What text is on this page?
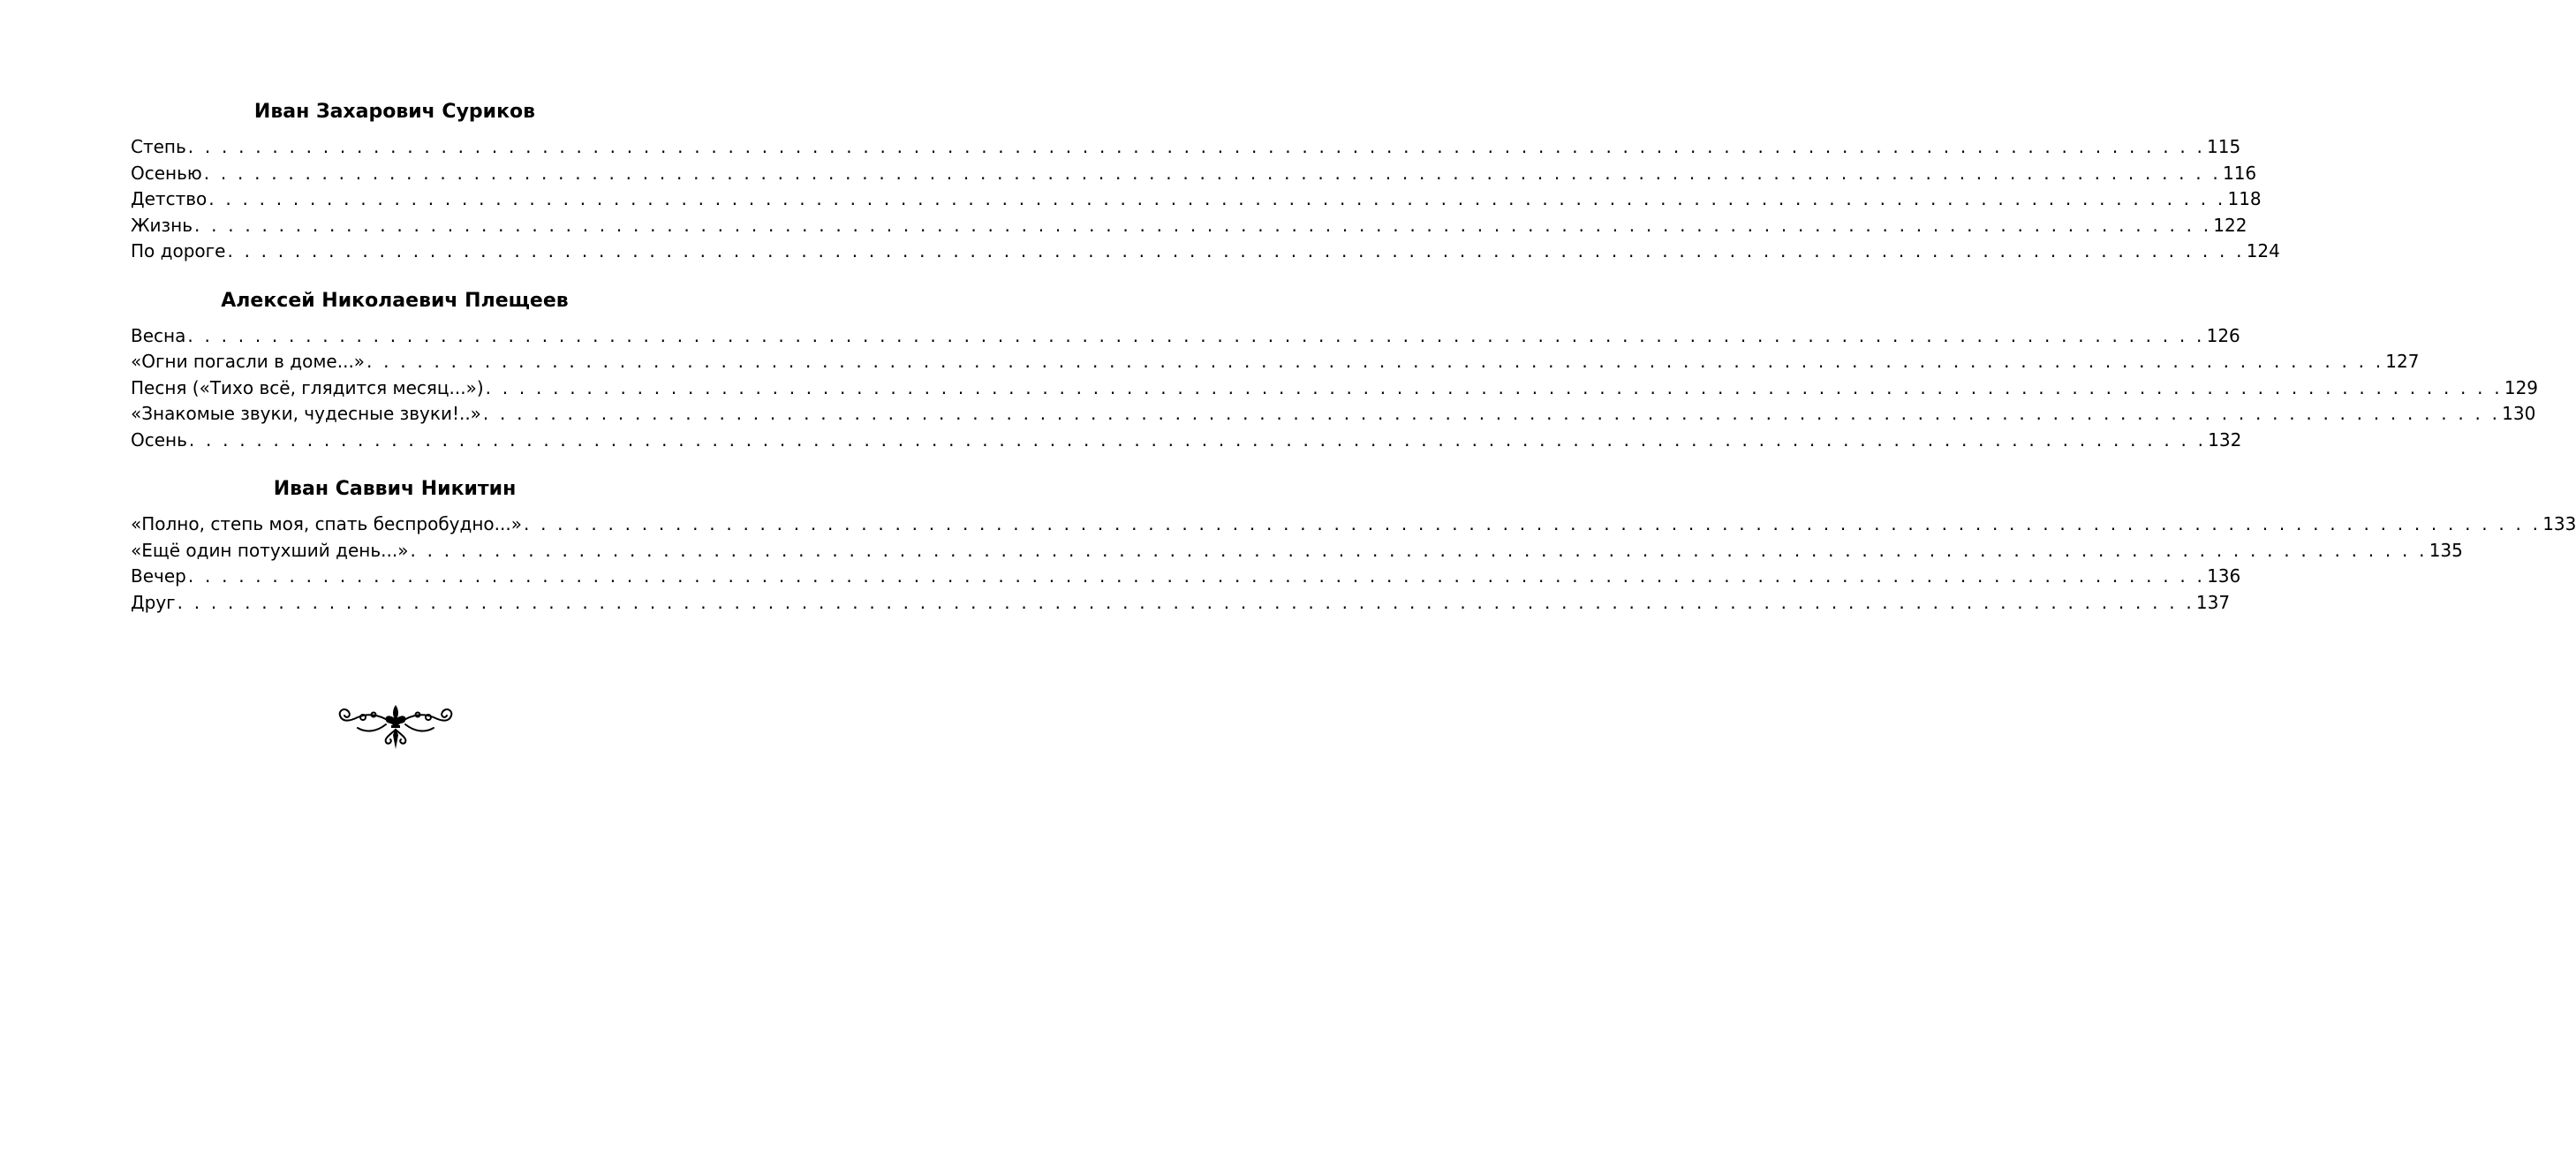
Иван Захарович Суриков
Степь . . . . . . . . . . . . . . . . . . . . . . . . . . . . . . . . . . . . . . . . . . . . . . . . . . . . . . . . . . . . . . . . . . . . . . . . . . . . . . . . . . . . . . . . . . . . . . . . . . . . . . . . . . . . . . . . . . . . . . . . 115
Осенью . . . . . . . . . . . . . . . . . . . . . . . . . . . . . . . . . . . . . . . . . . . . . . . . . . . . . . . . . . . . . . . . . . . . . . . . . . . . . . . . . . . . . . . . . . . . . . . . . . . . . . . . . . . . . . . . . . . . . . . . 116
Детство . . . . . . . . . . . . . . . . . . . . . . . . . . . . . . . . . . . . . . . . . . . . . . . . . . . . . . . . . . . . . . . . . . . . . . . . . . . . . . . . . . . . . . . . . . . . . . . . . . . . . . . . . . . . . . . . . . . . . . . . 118
Жизнь . . . . . . . . . . . . . . . . . . . . . . . . . . . . . . . . . . . . . . . . . . . . . . . . . . . . . . . . . . . . . . . . . . . . . . . . . . . . . . . . . . . . . . . . . . . . . . . . . . . . . . . . . . . . . . . . . . . . . . . . 122
По дороге . . . . . . . . . . . . . . . . . . . . . . . . . . . . . . . . . . . . . . . . . . . . . . . . . . . . . . . . . . . . . . . . . . . . . . . . . . . . . . . . . . . . . . . . . . . . . . . . . . . . . . . . . . . . . . . . . . . . . . . . 124
Алексей Николаевич Плещеев
Весна . . . . . . . . . . . . . . . . . . . . . . . . . . . . . . . . . . . . . . . . . . . . . . . . . . . . . . . . . . . . . . . . . . . . . . . . . . . . . . . . . . . . . . . . . . . . . . . . . . . . . . . . . . . . . . . . . . . . . . . . 126
«Огни погасли в доме...» . . . . . . . . . . . . . . . . . . . . . . . . . . . . . . . . . . . . . . . . . . . . . . . . . . . . . . . . . . . . . . . . . . . . . . . . . . . . . . . . . . . . . . . . . . . . . . . . . . . . . . . . . . . . . . . . . . . . . . . . 127
Песня («Тихо всё, глядится месяц...») . . . . . . . . . . . . . . . . . . . . . . . . . . . . . . . . . . . . . . . . . . . . . . . . . . . . . . . . . . . . . . . . . . . . . . . . . . . . . . . . . . . . . . . . . . . . . . . . . . . . . . . . . . . . . . . . . . . . . . . . 129
«Знакомые звуки, чудесные звуки!..» . . . . . . . . . . . . . . . . . . . . . . . . . . . . . . . . . . . . . . . . . . . . . . . . . . . . . . . . . . . . . . . . . . . . . . . . . . . . . . . . . . . . . . . . . . . . . . . . . . . . . . . . . . . . . . . . . . . . . . . . 130
Осень . . . . . . . . . . . . . . . . . . . . . . . . . . . . . . . . . . . . . . . . . . . . . . . . . . . . . . . . . . . . . . . . . . . . . . . . . . . . . . . . . . . . . . . . . . . . . . . . . . . . . . . . . . . . . . . . . . . . . . . . 132
Иван Саввич Никитин
«Полно, степь моя, спать беспробудно...» . . . . . . . . . . . . . . . . . . . . . . . . . . . . . . . . . . . . . . . . . . . . . . . . . . . . . . . . . . . . . . . . . . . . . . . . . . . . . . . . . . . . . . . . . . . . . . . . . . . . . . . . . . . . . . . . . . . . . . . . 133
«Ещё один потухший день...» . . . . . . . . . . . . . . . . . . . . . . . . . . . . . . . . . . . . . . . . . . . . . . . . . . . . . . . . . . . . . . . . . . . . . . . . . . . . . . . . . . . . . . . . . . . . . . . . . . . . . . . . . . . . . . . . . . . . . . . . 135
Вечер . . . . . . . . . . . . . . . . . . . . . . . . . . . . . . . . . . . . . . . . . . . . . . . . . . . . . . . . . . . . . . . . . . . . . . . . . . . . . . . . . . . . . . . . . . . . . . . . . . . . . . . . . . . . . . . . . . . . . . . . 136
Друг . . . . . . . . . . . . . . . . . . . . . . . . . . . . . . . . . . . . . . . . . . . . . . . . . . . . . . . . . . . . . . . . . . . . . . . . . . . . . . . . . . . . . . . . . . . . . . . . . . . . . . . . . . . . . . . . . . . . . . . . 137
